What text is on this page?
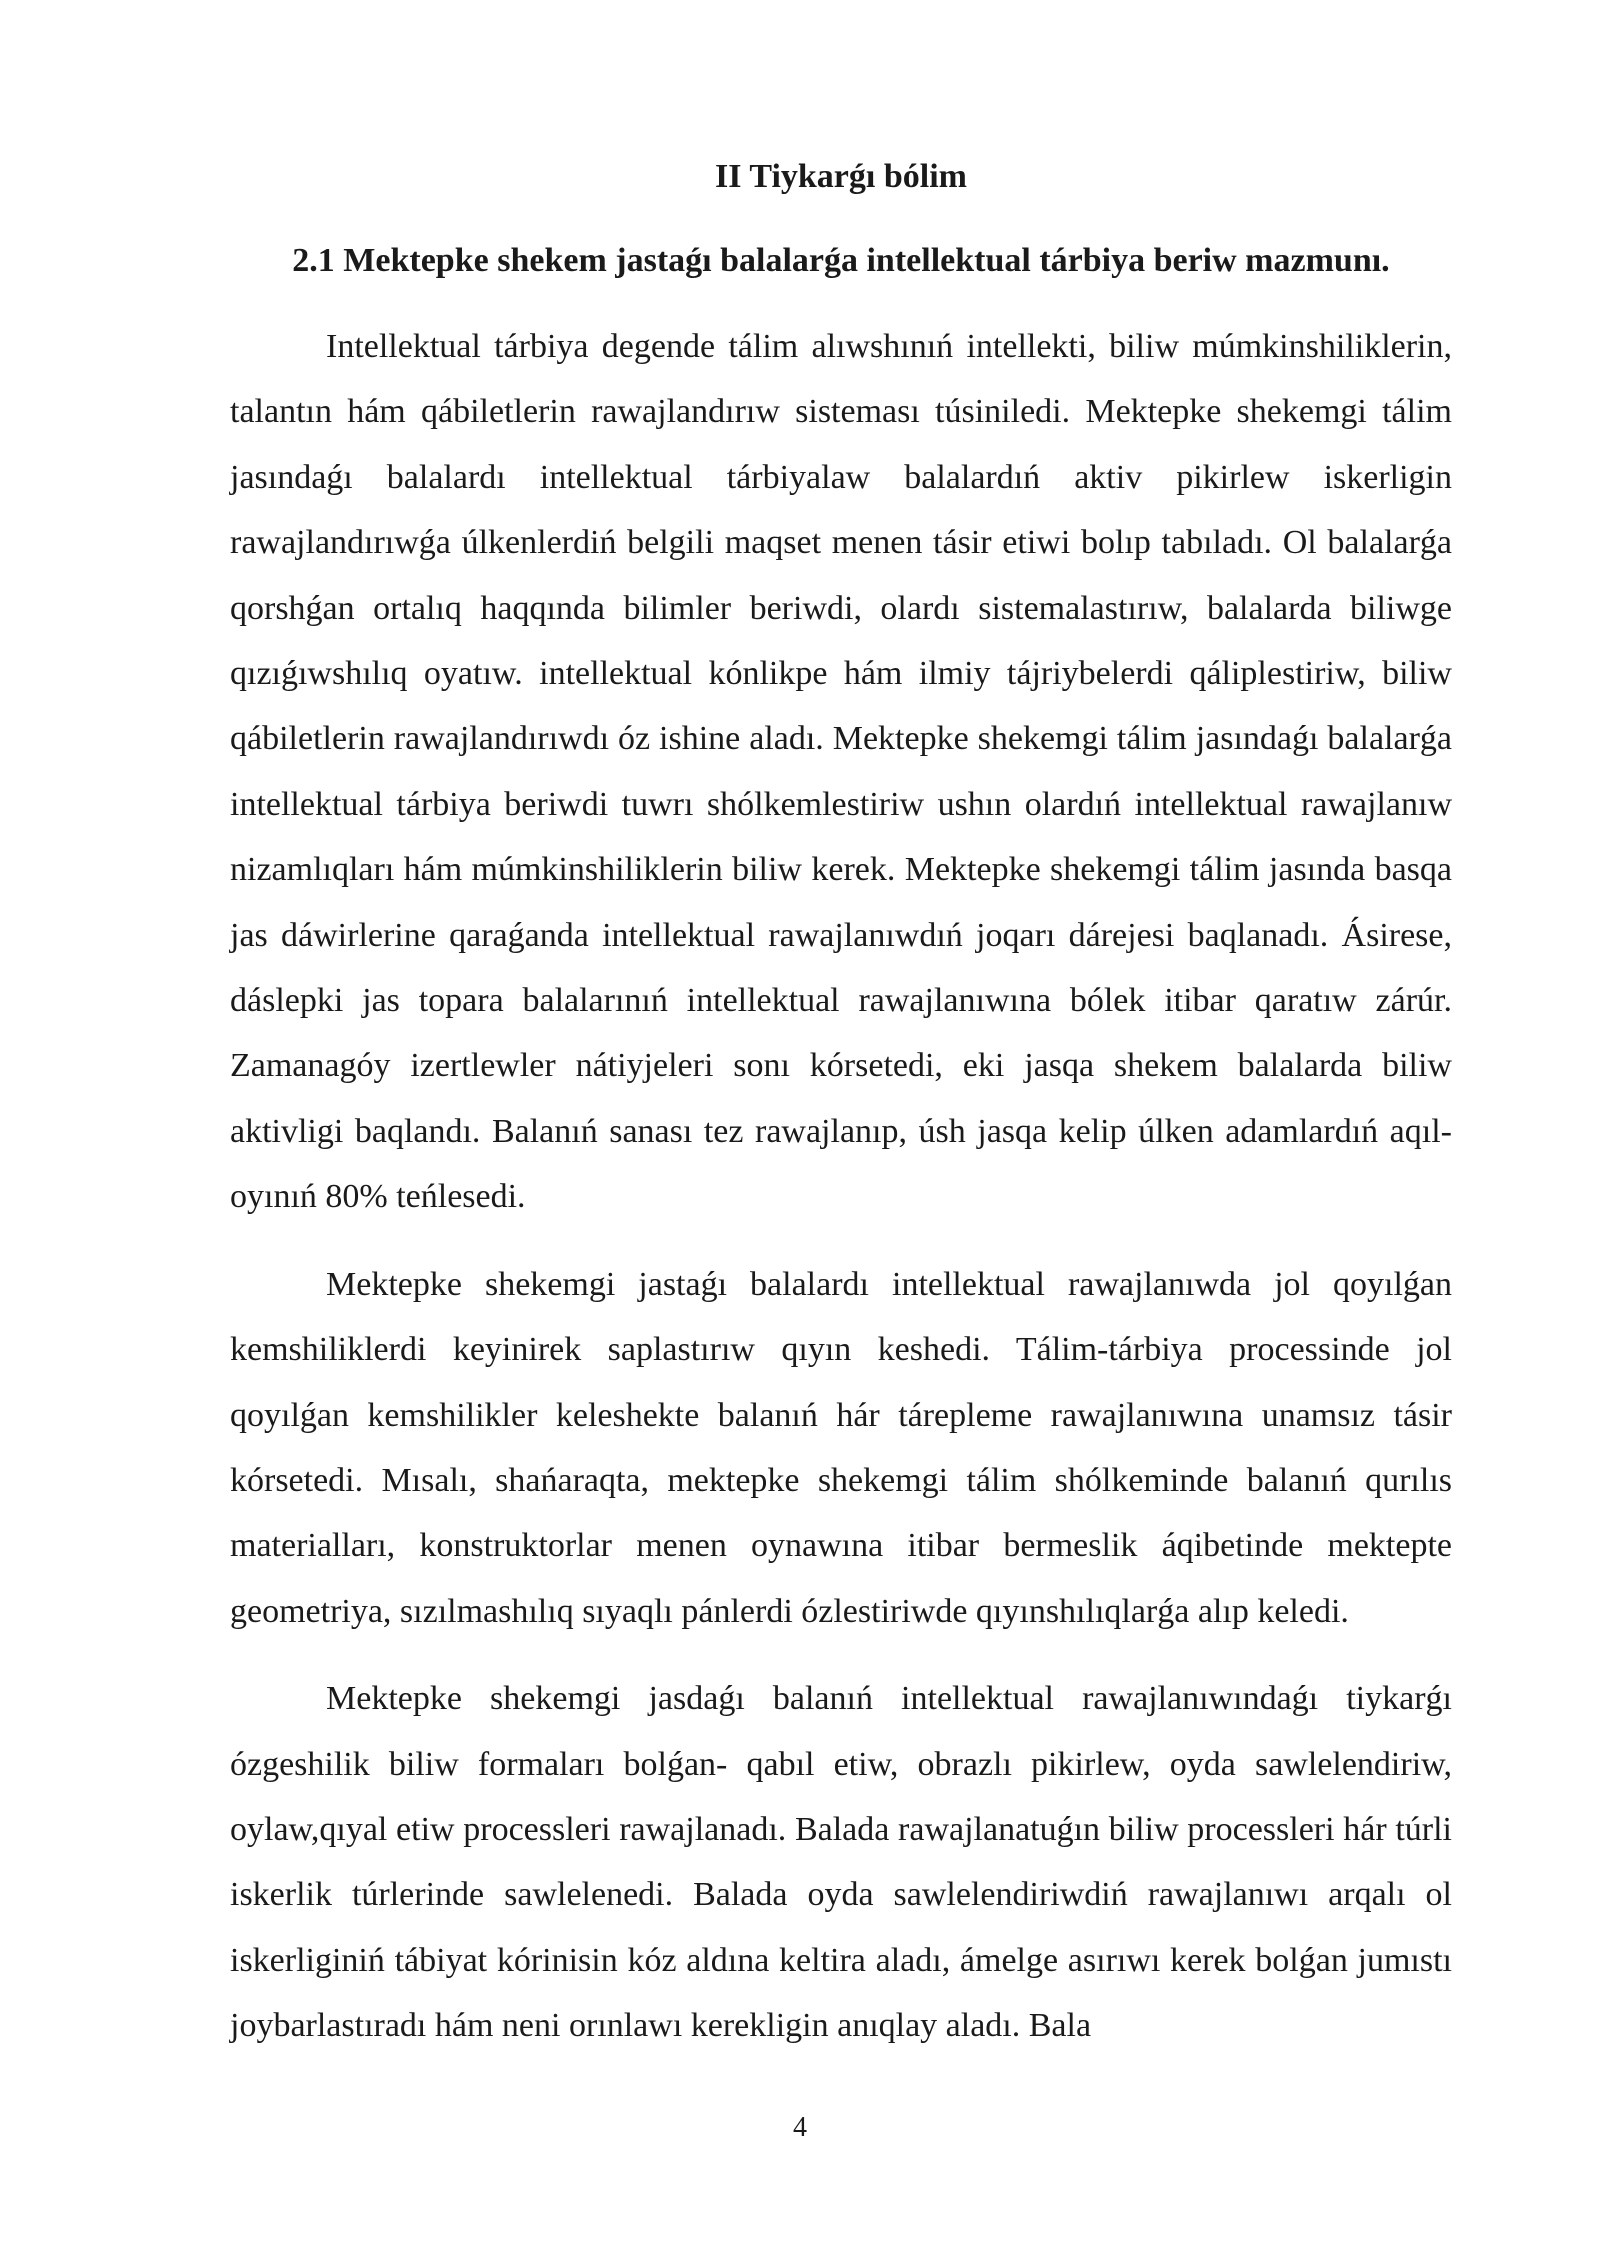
II Tiykarǵı bólim
2.1 Mektepke shekem jastaǵı balalarǵa intellektual tárbiya beriw mazmunı.

Intellektual tárbiya degende tálim alıwshınıń intellekti, biliw múmkinshiliklerin, talantın hám qábiletlerin rawajlandırıw sisteması túsiniledi. Mektepke shekemgi tálim jasındaǵı balalardı intellektual tárbiyalaw balalardıń aktiv pikirlew iskerligin rawajlandırıwǵa úlkenlerdiń belgili maqset menen tásir etiwi bolıp tabıladı. Ol balalarǵa qorshǵan ortalıq haqqında bilimler beriwdi, olardı sistemalastırıw, balalarda biliwge qızıǵıwshılıq oyatıw. intellektual kónlikpe hám ilmiy tájriybelerdi qáliplestiriw, biliw qábiletlerin rawajlandırıwdı óz ishine aladı. Mektepke shekemgi tálim jasındaǵı balalarǵa intellektual tárbiya beriwdi tuwrı shólkemlestiriw ushın olardıń intellektual rawajlanıw nizamlıqları hám múmkinshiliklerin biliw kerek. Mektepke shekemgi tálim jasında basqa jas dáwirlerine qaraǵanda intellektual rawajlanıwdıń joqarı dárejesi baqlanadı. Ásirese, dáslepki jas topara balalarınıń intellektual rawajlanıwına bólek itibar qaratıw zárúr. Zamanagóy izertlewler nátiyjeleri sonı kórsetedi, eki jasqa shekem balalarda biliw aktivligi baqlandı. Balanıń sanası tez rawajlanıp, úsh jasqa kelip úlken adamlardıń aqıl-oyınıń 80% teńlesedi.

Mektepke shekemgi jastaǵı balalardı intellektual rawajlanıwda jol qoyılǵan kemshiliklerdi keyinirek saplastırıw qıyın keshedi. Tálim-tárbiya processinde jol qoyılǵan kemshilikler keleshekte balanıń hár tárepleme rawajlanıwına unamsız tásir kórsetedi. Mısalı, shańaraqta, mektepke shekemgi tálim shólkeminde balanıń qurılıs materialları, konstruktorlar menen oynawına itibar bermeslik áqibetinde mektepte geometriya, sızılmashılıq sıyaqlı pánlerdi ózlestiriwde qıyınshılıqlarǵa alıp keledi.

Mektepke shekemgi jasdaǵı balanıń intellektual rawajlanıwındaǵı tiykarǵı ózgeshilik biliw formaları bolǵan- qabıl etiw, obrazlı pikirlew, oyda sawlelendiriw, oylaw,qıyal etiw processleri rawajlanadı. Balada rawajlanatuǵın biliw processleri hár túrli iskerlik túrlerinde sawlelenedi. Balada oyda sawlelendiriwdiń rawajlanıwı arqalı ol iskerliginiń tábiyat kórinisin kóz aldına keltira aladı, ámelge asırıwı kerek bolǵan jumıstı joybarlastıradı hám neni orınlawı kerekligin anıqlay aladı. Bala

4
